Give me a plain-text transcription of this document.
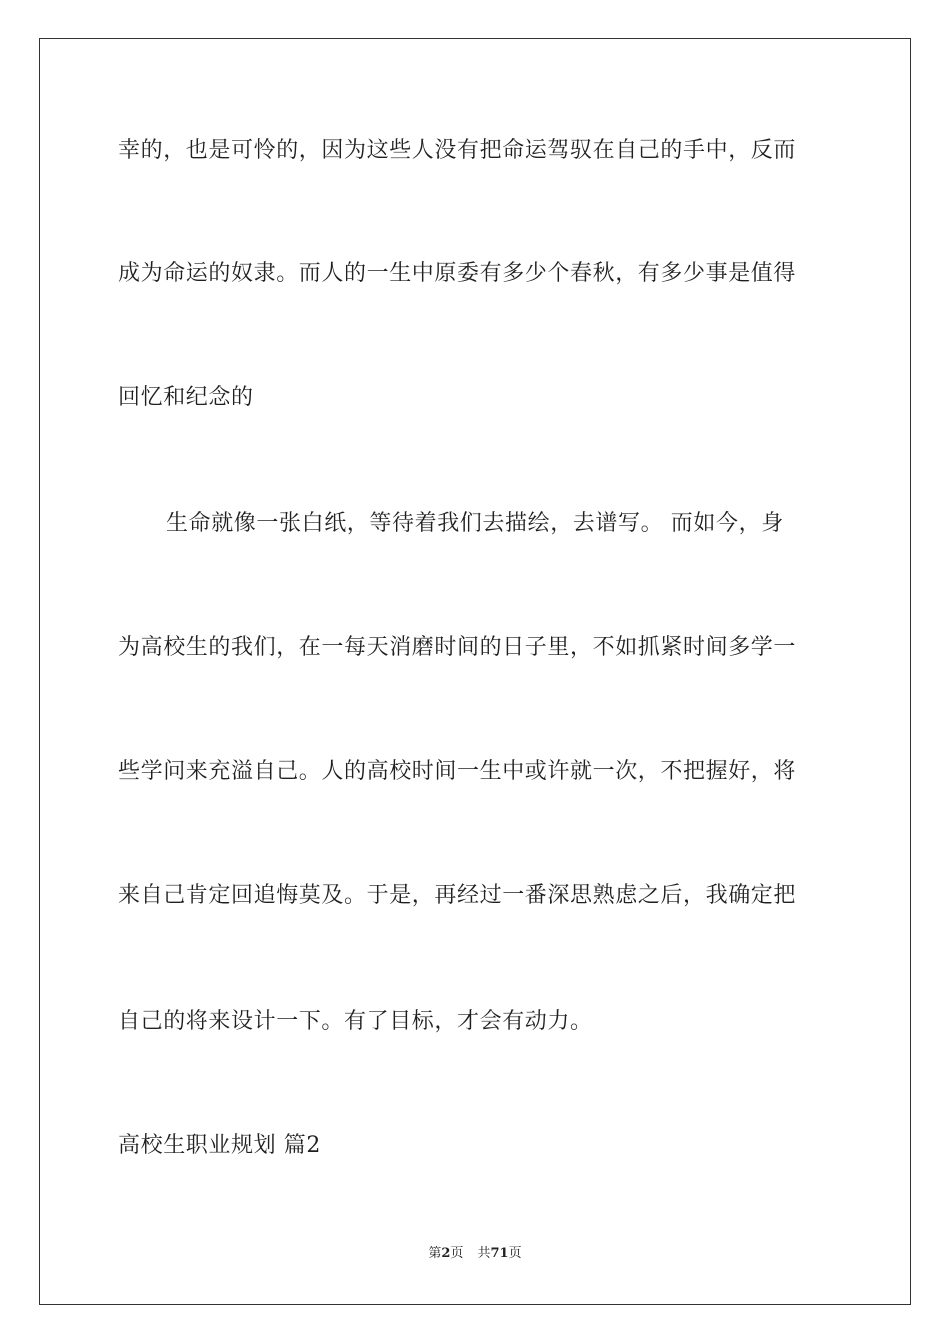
幸的，也是可怜的，因为这些人没有把命运驾驭在自己的手中，反而
成为命运的奴隶。而人的一生中原委有多少个春秋，有多少事是值得
回忆和纪念的
生命就像一张白纸，等待着我们去描绘，去谱写。 而如今，身
为高校生的我们，在一每天消磨时间的日子里，不如抓紧时间多学一
些学问来充溢自己。人的高校时间一生中或许就一次，不把握好，将
来自己肯定回追悔莫及。于是，再经过一番深思熟虑之后，我确定把
自己的将来设计一下。有了目标，才会有动力。
高校生职业规划 篇2
第2页 共71页
